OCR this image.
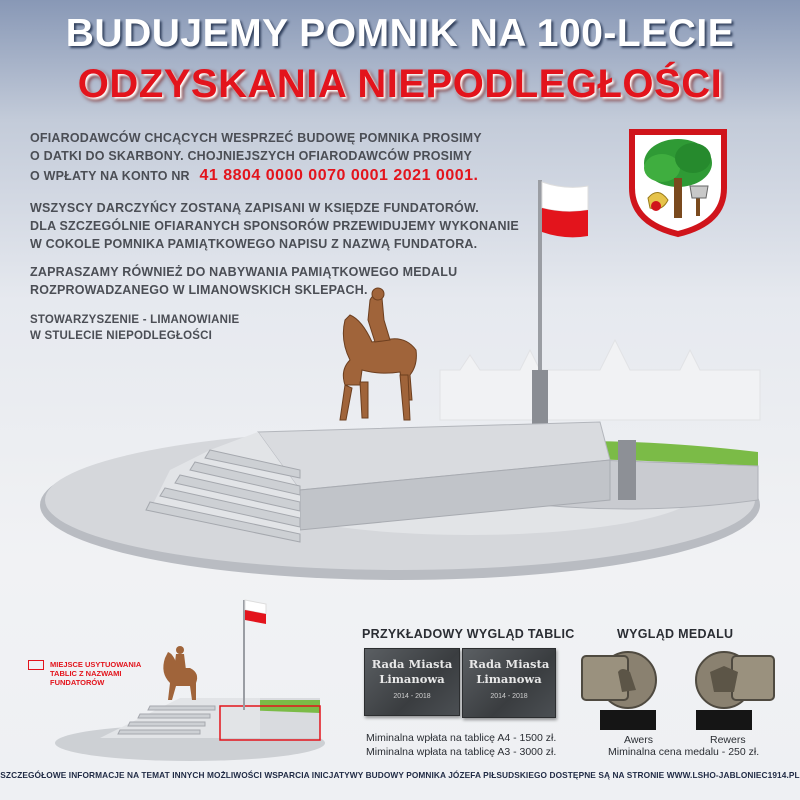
BUDUJEMY POMNIK NA 100-LECIE
ODZYSKANIA NIEPODLEGŁOŚCI
OFIARODAWCÓW CHCĄCYCH WESPRZEĆ BUDOWĘ POMNIKA PROSIMY
O DATKI DO SKARBONY. CHOJNIEJSZYCH OFIARODAWCÓW PROSIMY
O WPŁATY NA KONTO NR 41 8804 0000 0070 0001 2021 0001.
WSZYSCY DARCZYŃCY ZOSTANĄ ZAPISANI W KSIĘDZE FUNDATORÓW.
DLA SZCZEGÓLNIE OFIARANYCH SPONSORÓW PRZEWIDUJEMY WYKONANIE
W COKOLE POMNIKA PAMIĄTKOWEGO NAPISU Z NAZWĄ FUNDATORA.
ZAPRASZAMY RÓWNIEŻ DO NABYWANIA PAMIĄTKOWEGO MEDALU
ROZPROWADZANEGO W LIMANOWSKICH SKLEPACH.
STOWARZYSZENIE - LIMANOWIANIE
W STULECIE NIEPODLEGŁOŚCI
MIEJSCE USYTUOWANIA
TABLIC Z NAZWAMI
FUNDATORÓW
PRZYKŁADOWY WYGLĄD TABLIC
Rada Miasta
Limanowa
2014 - 2018
Rada Miasta
Limanowa
2014 - 2018
Miminalna wpłata na tablicę A4 - 1500 zł.
Miminalna wpłata na tablicę A3 - 3000 zł.
WYGLĄD MEDALU
Awers	Rewers
Miminalna cena medalu - 250 zł.
SZCZEGÓŁOWE INFORMACJE NA TEMAT INNYCH MOŻLIWOŚCI WSPARCIA INICJATYWY BUDOWY POMNIKA JÓZEFA PIŁSUDSKIEGO DOSTĘPNE SĄ NA STRONIE WWW.LSHO-JABLONIEC1914.PL
